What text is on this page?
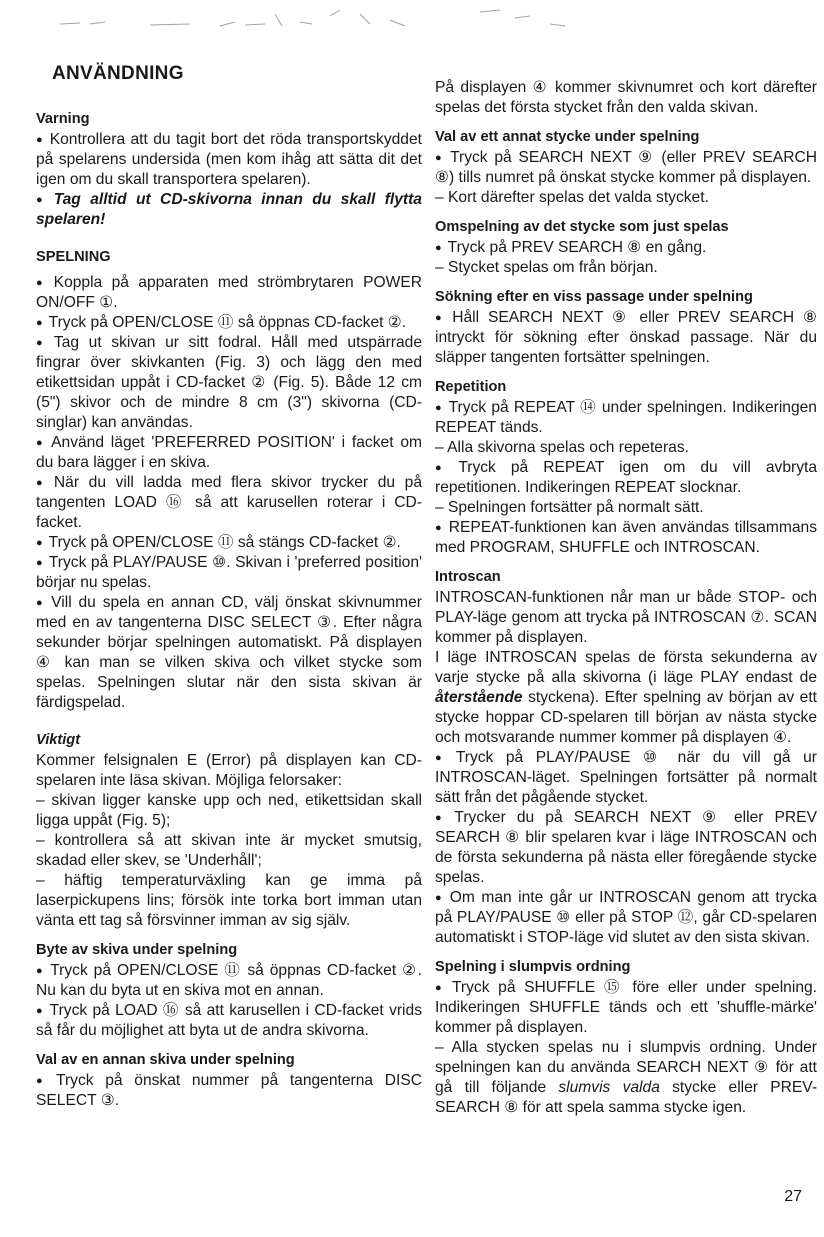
ANVÄNDNING
Varning

● Kontrollera att du tagit bort det röda transportskyddet på spelarens undersida (men kom ihåg att sätta dit det igen om du skall transportera spelaren).

● Tag alltid ut CD-skivorna innan du skall flytta spelaren!

SPELNING

● Koppla på apparaten med strömbrytaren POWER ON/OFF ①.

● Tryck på OPEN/CLOSE ⑪ så öppnas CD-facket ②.

● Tag ut skivan ur sitt fodral. Håll med utspärrade fingrar över skivkanten (Fig. 3) och lägg den med etikettsidan uppåt i CD-facket ② (Fig. 5). Både 12 cm (5") skivor och de mindre 8 cm (3") skivorna (CD-singlar) kan användas.

● Använd läget 'PREFERRED POSITION' i facket om du bara lägger i en skiva.

● När du vill ladda med flera skivor trycker du på tangenten LOAD ⑯ så att karusellen roterar i CD-facket.

● Tryck på OPEN/CLOSE ⑪ så stängs CD-facket ②.

● Tryck på PLAY/PAUSE ⑩. Skivan i 'preferred position' börjar nu spelas.

● Vill du spela en annan CD, välj önskat skivnummer med en av tangenterna DISC SELECT ③. Efter några sekunder börjar spelningen automatiskt. På displayen ④ kan man se vilken skiva och vilket stycke som spelas. Spelningen slutar när den sista skivan är färdigspelad.

Viktigt

Kommer felsignalen E (Error) på displayen kan CD-spelaren inte läsa skivan. Möjliga felorsaker:

– skivan ligger kanske upp och ned, etikettsidan skall ligga uppåt (Fig. 5);

– kontrollera så att skivan inte är mycket smutsig, skadad eller skev, se 'Underhåll';

– häftig temperaturväxling kan ge imma på laserpickupens lins; försök inte torka bort imman utan vänta ett tag så försvinner imman av sig själv.

Byte av skiva under spelning

● Tryck på OPEN/CLOSE ⑪ så öppnas CD-facket ②. Nu kan du byta ut en skiva mot en annan.

● Tryck på LOAD ⑯ så att karusellen i CD-facket vrids så får du möjlighet att byta ut de andra skivorna.

Val av en annan skiva under spelning

● Tryck på önskat nummer på tangenterna DISC SELECT ③.

På displayen ④ kommer skivnumret och kort därefter spelas det första stycket från den valda skivan.

Val av ett annat stycke under spelning

● Tryck på SEARCH NEXT ⑨ (eller PREV SEARCH ⑧) tills numret på önskat stycke kommer på displayen.

– Kort därefter spelas det valda stycket.

Omspelning av det stycke som just spelas

● Tryck på PREV SEARCH ⑧ en gång.

– Stycket spelas om från början.

Sökning efter en viss passage under spelning

● Håll SEARCH NEXT ⑨ eller PREV SEARCH ⑧ intryckt för sökning efter önskad passage. När du släpper tangenten fortsätter spelningen.

Repetition

● Tryck på REPEAT ⑭ under spelningen. Indikeringen REPEAT tänds.

– Alla skivorna spelas och repeteras.

● Tryck på REPEAT igen om du vill avbryta repetitionen. Indikeringen REPEAT slocknar.

– Spelningen fortsätter på normalt sätt.

● REPEAT-funktionen kan även användas tillsammans med PROGRAM, SHUFFLE och INTROSCAN.

Introscan

INTROSCAN-funktionen når man ur både STOP- och PLAY-läge genom att trycka på INTROSCAN ⑦. SCAN kommer på displayen.

I läge INTROSCAN spelas de första sekunderna av varje stycke på alla skivorna (i läge PLAY endast de återstående styckena). Efter spelning av början av ett stycke hoppar CD-spelaren till början av nästa stycke och motsvarande nummer kommer på displayen ④.

● Tryck på PLAY/PAUSE ⑩ när du vill gå ur INTROSCAN-läget. Spelningen fortsätter på normalt sätt från det pågående stycket.

● Trycker du på SEARCH NEXT ⑨ eller PREV SEARCH ⑧ blir spelaren kvar i läge INTROSCAN och de första sekunderna på nästa eller föregående stycke spelas.

● Om man inte går ur INTROSCAN genom att trycka på PLAY/PAUSE ⑩ eller på STOP ⑫, går CD-spelaren automatiskt i STOP-läge vid slutet av den sista skivan.

Spelning i slumpvis ordning

● Tryck på SHUFFLE ⑮ före eller under spelning. Indikeringen SHUFFLE tänds och ett 'shuffle-märke' kommer på displayen.

– Alla stycken spelas nu i slumpvis ordning. Under spelningen kan du använda SEARCH NEXT ⑨ för att gå till följande slumvis valda stycke eller PREV-SEARCH ⑧ för att spela samma stycke igen.

27
